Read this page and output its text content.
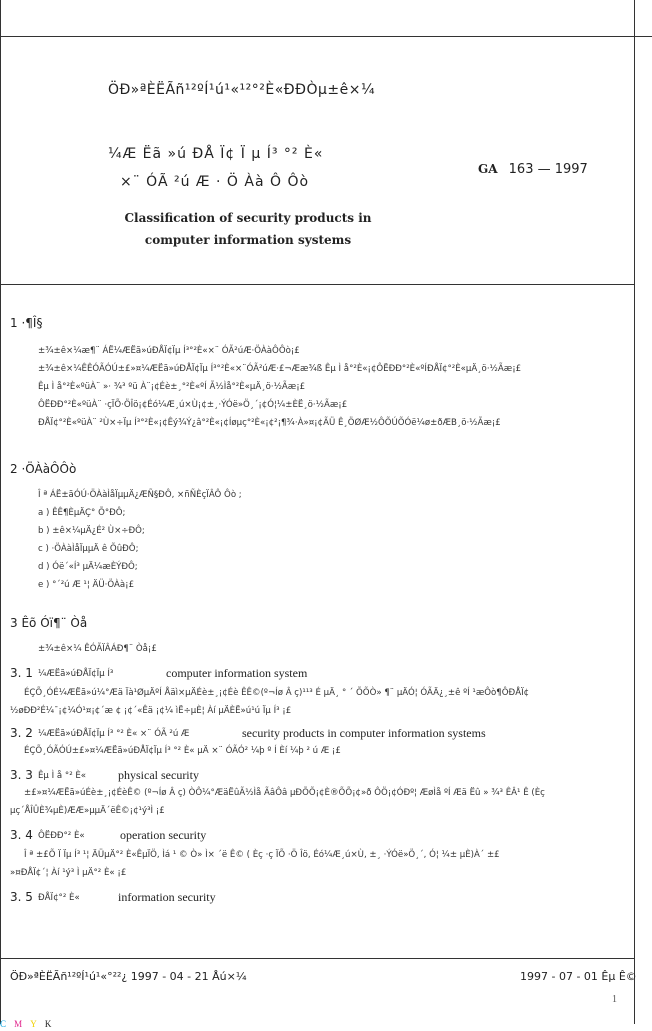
ÖÐ»ªÈËÃñ¹²ºÍ¹ú¹«¹²°²È«ÐÐÒµ±ê×¼
¼Æ Ëã »ú ÐÅ Ï¢ Ï µ Í³ °² È«
×¨ ÓÃ ²ú Æ · Ö Àà Ô Ôò
GA 163 — 1997
Classification of security products in
computer information systems
1 ·¶Î§
±¾±ê×¼æ¶¨ ÁË¼ÆËã»úÐÅÏ¢Ïµ Í³°²È«×¨ ÓÃ²úÆ·ÖÀàÔÔò¡£
±¾±ê×¼ÊÊÓÃÓÚ±£»¤¼ÆËã»úÐÅÏ¢Ïµ Í³°²È«×¨ÓÃ²úÆ·£¬Ææ¾ß Êµ Ì å°²È«¡¢ÔËÐÐ°²È«ºÍÐÅÏ¢°²È«µÄ¸ö·½Ãæ¡£
Êµ Ì å°²È«ºüÀ¨ »· ¾³ ºü À¨¡¢Éè±¸°²È«ºÍ Ã½Ìå°²È«µÄ¸ö·½Ãæ¡£
ÔËÐÐ°²È«ºüÀ¨ ·çÏÕ·ÖÎö¡¢Éó¼Æ¸ú×Ù¡¢±¸·ÝÓë»Ö¸´¡¢Ó¦¼±ÈË¸ö·½Ãæ¡£
ÐÅÏ¢°²È«ºüÀ¨ ²Ù×÷Ïµ Í³°²È«¡¢Êý¾Ý¿â°²È«¡¢Íøµç°²È«¡¢²¡¶¾·À»¤¡¢ÃÜ Ê¸ÖØÆ½ÔÕÚÕÓë¼ø±ðÆB¸ö·½Ãæ¡£
2 ·ÖÀàÔÔò
Î ª ÁË±ãÓÚ·ÖÀàÌåÏµµÄ¿ÆÑ§ÐÔ, ×ñÑÈçÏÂÔ Ôò ;
a ) ÊÊ¶ÈµÄÇ° Õ°ÐÔ;
b ) ±ê×¼µÄ¿É² Ù×÷ÐÔ;
c ) ·ÖÀàÌåÏµµÄ ê ÕûÐÔ;
d ) Óë´«Í³ µÄ¼æÈÝÐÔ;
e ) °´²ú Æ ¹¦ ÄÜ·ÖÀà¡£
3 Êõ Óï¶¨ Òå
±¾±ê×¼ ÊÓÃÏÂÁÐ¶¨ Òå¡£
3. 1 ¼ÆËã»úÐÅÏ¢Ïµ Í³	computer information system
ÉÇÕ¸ÓÉ¼ÆËã»ú¼°Æä Ïà¹ØµÄºÍ Åäì×µÄÉè±¸¡¢Éè ÊÊ©(º¬Íø Â ç)¹¹³ É µÄ¸ ° ´ ÕÕÒ» ¶¨ µÄÓ¦ ÓÃÄ¿¸±ê ºÍ ¹æÔò¶ÔÐÅÏ¢
½øÐÐ²É¼¯¡¢¼Ó¹¤¡¢´æ ¢ ¡¢´«Êä ¡¢¼ ìË÷µÈ¦ Àí µÄÈË»ú¹ú Ïµ Í³ ¡£
3. 2 ¼ÆËã»úÐÅÏ¢Ïµ Í³ °² È« ×¨ ÓÃ ²ú Æ	security products in computer information systems
ÉÇÕ¸ÓÃÓÚ±£»¤¼ÆËã»úÐÅÏ¢Ïµ Í³ °² È« µÄ ×¨ ÓÃÓ² ¼þ º Í Èí ¼þ ² ú Æ ¡£
3. 3 Êµ Ì å °² È«	physical security
±£»¤¼ÆËã»úÉè±¸¡¢ÉèÊ© (º¬Íø Â ç) ÒÔ¼°ÆäËûÃ½Ìå ÃâÔâ µÐÕÕ¡¢È®ÕÕ¡¢»ð ÔÖ¡¢ÓÐº¦ ÆøÌå ºÍ Æä Ëû » ¾³ ÊÂ¹ Ê (Èç
µç´ÅÎÛÈ¾µÈ)ÆÆ»µµÄ´ëÊ©¡¢¹ý³Ì ¡£
3. 4 ÔËÐÐ°² È«	operation security
Î ª ±£Õ Ï Ïµ Í³ ¹¦ ÄÜµÄ°² È«ÊµÏÖ, Ìá ¹ © Ò» Ì× ´ë Ê© ( Èç ·ç ÏÕ ·Ö Îö, Éó¼Æ¸ú×Ù, ±¸ ·ÝÓë»Ö¸´, Ó¦ ¼± µÈ)À´ ±£
»¤ÐÅÏ¢´¦ Àí ¹ý³ Ì µÄ°² È« ¡£
3. 5 ÐÅÏ¢°² È«	information security
ÖÐ»ªÈËÃñ¹²ºÍ¹ú¹«°²²¿ 1997 - 04 - 21 Åú×¼	1997 - 07 - 01 Êµ Ê©
1
C M Y K
